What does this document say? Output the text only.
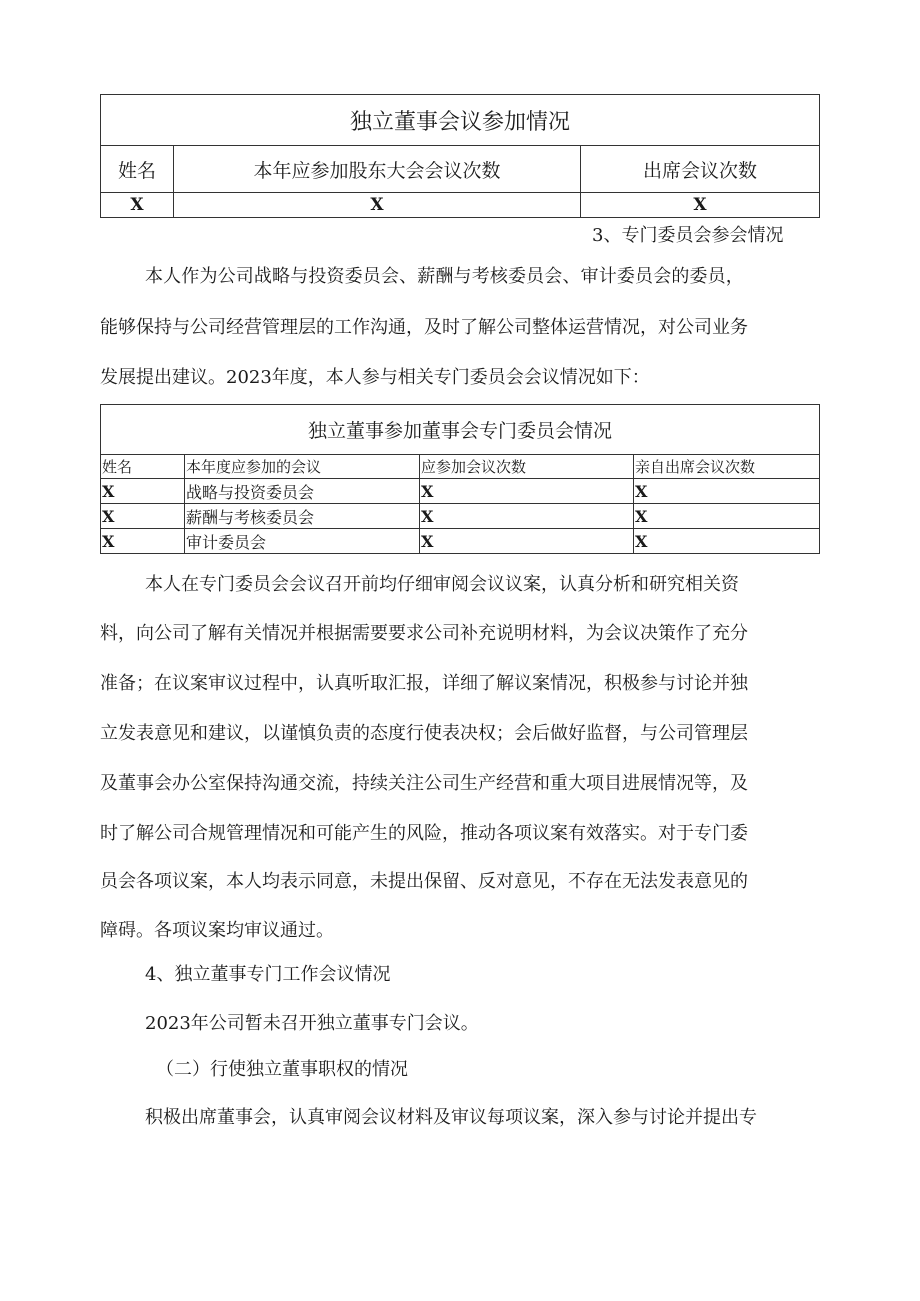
独立董事会议参加情况		
姓名	本年应参加股东大会会议次数	出席会议次数
X	X	X
3、专门委员会参会情况
本人作为公司战略与投资委员会、薪酬与考核委员会、审计委员会的委员，
能够保持与公司经营管理层的工作沟通，及时了解公司整体运营情况，对公司业务
发展提出建议。2023年度，本人参与相关专门委员会会议情况如下：
独立董事参加董事会专门委员会情况			
姓名	本年度应参加的会议	应参加会议次数	亲自出席会议次数
X	战略与投资委员会	X	X
X	薪酬与考核委员会	X	X
X	审计委员会	X	X
本人在专门委员会会议召开前均仔细审阅会议议案，认真分析和研究相关资
料，向公司了解有关情况并根据需要要求公司补充说明材料，为会议决策作了充分
准备；在议案审议过程中，认真听取汇报，详细了解议案情况，积极参与讨论并独
立发表意见和建议，以谨慎负责的态度行使表决权；会后做好监督，与公司管理层
及董事会办公室保持沟通交流，持续关注公司生产经营和重大项目进展情况等，及
时了解公司合规管理情况和可能产生的风险，推动各项议案有效落实。对于专门委
员会各项议案，本人均表示同意，未提出保留、反对意见，不存在无法发表意见的
障碍。各项议案均审议通过。
4、独立董事专门工作会议情况
2023年公司暂未召开独立董事专门会议。
（二）行使独立董事职权的情况
积极出席董事会，认真审阅会议材料及审议每项议案，深入参与讨论并提出专
